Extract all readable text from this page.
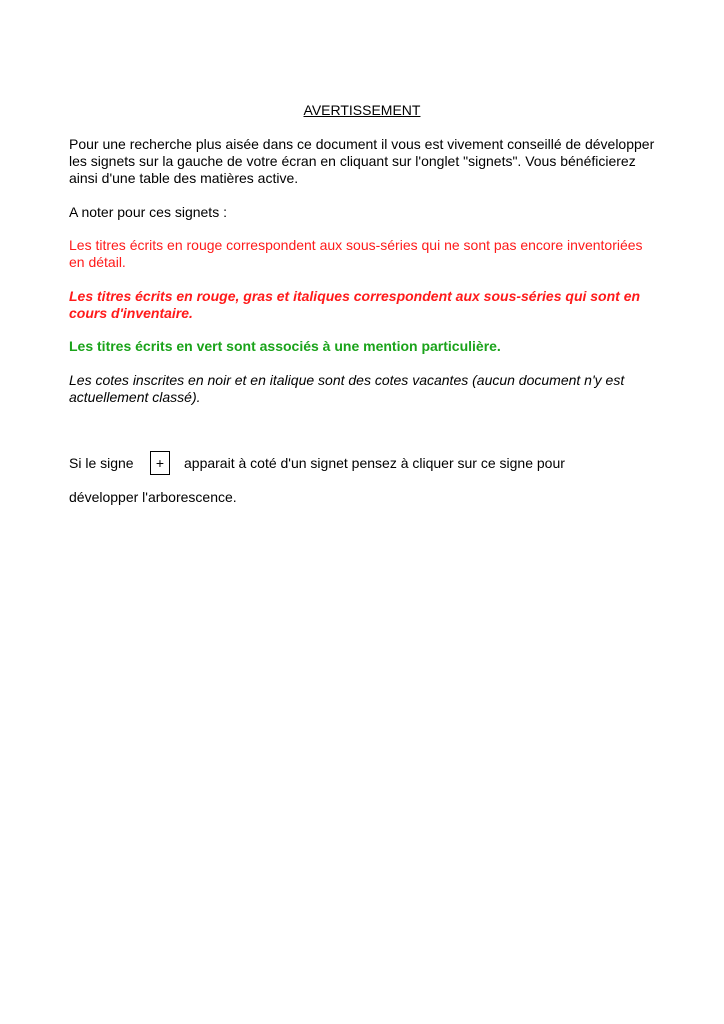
AVERTISSEMENT

Pour une recherche plus aisée dans ce document il vous est vivement conseillé de développer les signets sur la gauche de votre écran en cliquant sur l'onglet "signets". Vous bénéficierez ainsi d'une table des matières active.

A noter pour ces signets :

Les titres écrits en rouge correspondent aux sous-séries qui ne sont pas encore inventoriées en détail.

Les titres écrits en rouge, gras et italiques correspondent aux sous-séries qui sont en cours d'inventaire.

Les titres écrits en vert sont associés à une mention particulière.

Les cotes inscrites en noir et en italique sont des cotes vacantes (aucun document n'y est actuellement classé).

Si le signe	apparait à coté d'un signet pensez à cliquer sur ce signe pour
+

développer l'arborescence.
